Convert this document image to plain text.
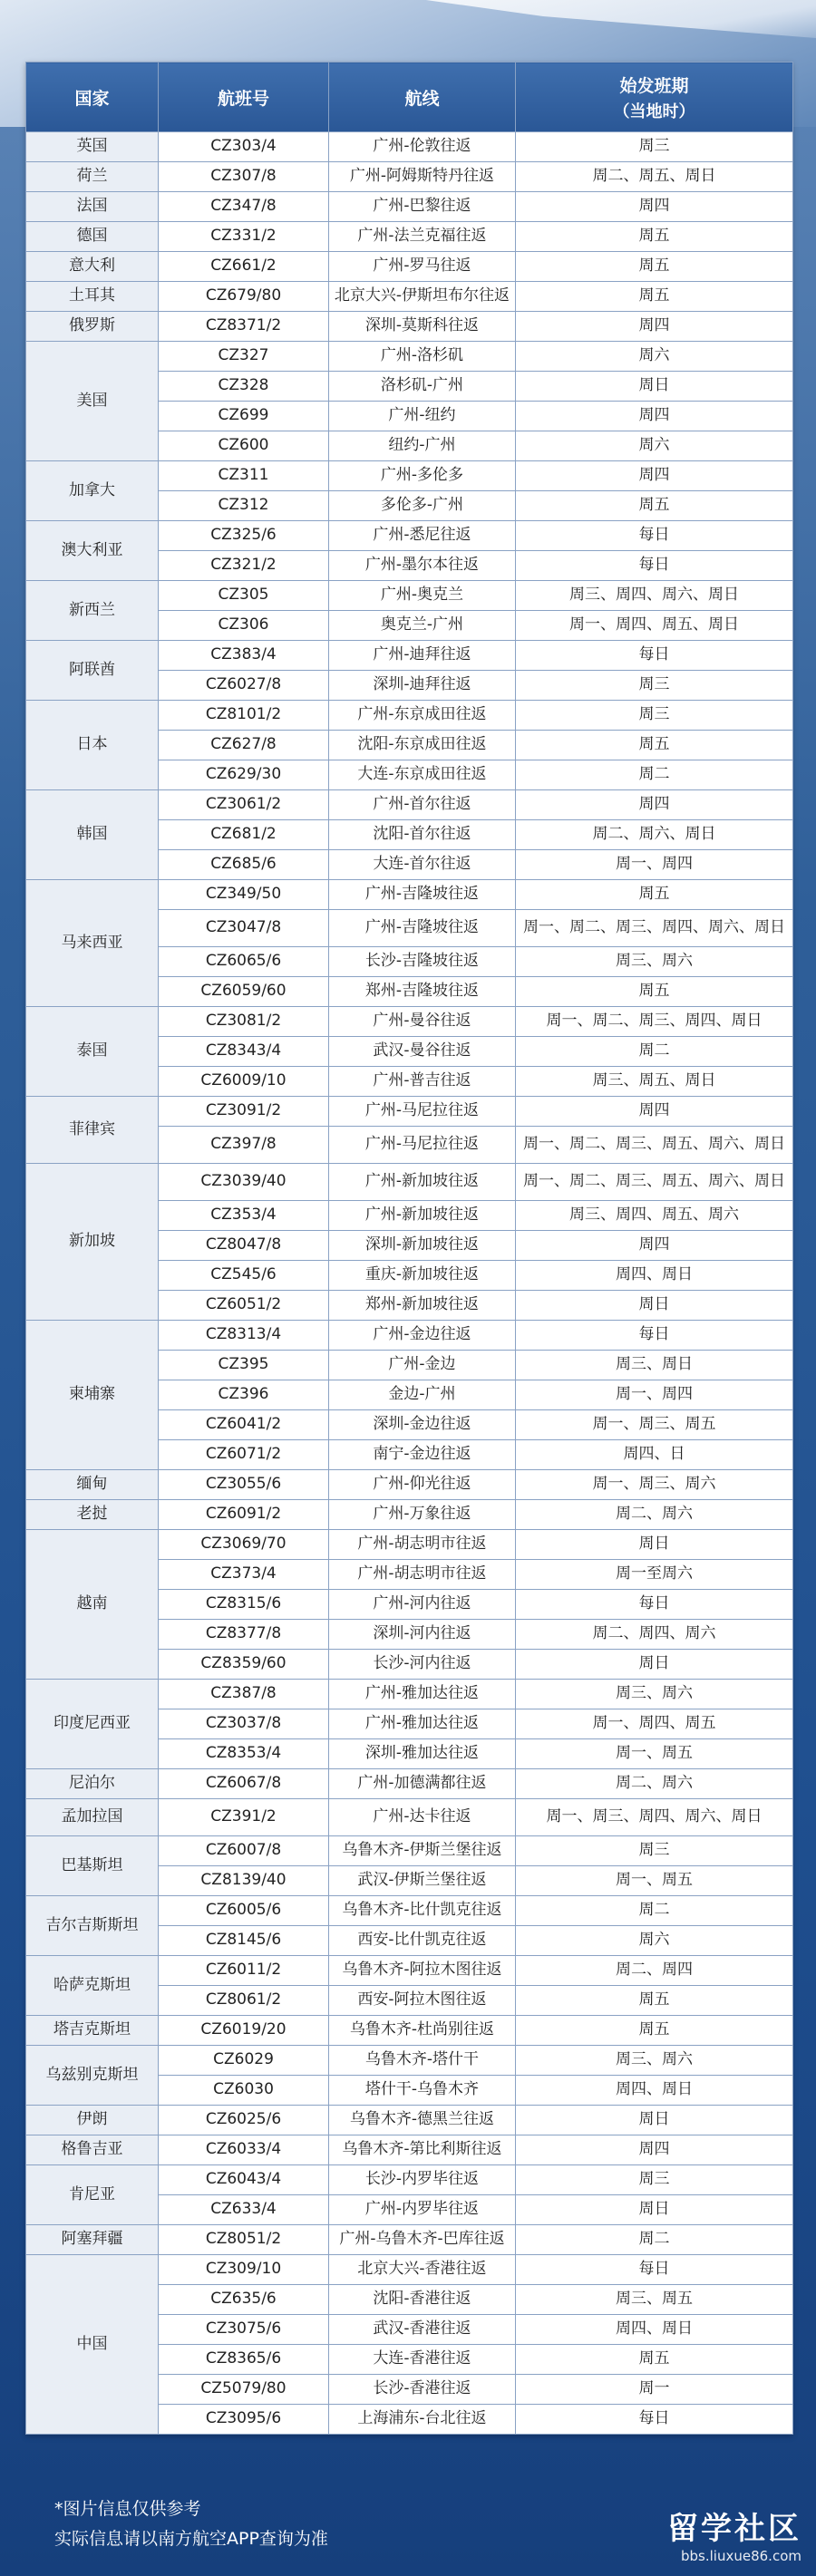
国家	航班号	航线	始发班期
（当地时）

英国	CZ303/4	广州-伦敦往返	周三
荷兰	CZ307/8	广州-阿姆斯特丹往返	周二、周五、周日
法国	CZ347/8	广州-巴黎往返	周四
德国	CZ331/2	广州-法兰克福往返	周五
意大利	CZ661/2	广州-罗马往返	周五
土耳其	CZ679/80	北京大兴-伊斯坦布尔往返	周五
俄罗斯	CZ8371/2	深圳-莫斯科往返	周四
美国	CZ327	广州-洛杉矶	周六
	CZ328	洛杉矶-广州	周日
	CZ699	广州-纽约	周四
	CZ600	纽约-广州	周六
加拿大	CZ311	广州-多伦多	周四
	CZ312	多伦多-广州	周五
澳大利亚	CZ325/6	广州-悉尼往返	每日
	CZ321/2	广州-墨尔本往返	每日
新西兰	CZ305	广州-奥克兰	周三、周四、周六、周日
	CZ306	奥克兰-广州	周一、周四、周五、周日
阿联酋	CZ383/4	广州-迪拜往返	每日
	CZ6027/8	深圳-迪拜往返	周三
日本	CZ8101/2	广州-东京成田往返	周三
	CZ627/8	沈阳-东京成田往返	周五
	CZ629/30	大连-东京成田往返	周二
韩国	CZ3061/2	广州-首尔往返	周四
	CZ681/2	沈阳-首尔往返	周二、周六、周日
	CZ685/6	大连-首尔往返	周一、周四
马来西亚	CZ349/50	广州-吉隆坡往返	周五
	CZ3047/8	广州-吉隆坡往返	周一、周二、周三、周四、周六、周日
	CZ6065/6	长沙-吉隆坡往返	周三、周六
	CZ6059/60	郑州-吉隆坡往返	周五
泰国	CZ3081/2	广州-曼谷往返	周一、周二、周三、周四、周日
	CZ8343/4	武汉-曼谷往返	周二
	CZ6009/10	广州-普吉往返	周三、周五、周日
菲律宾	CZ3091/2	广州-马尼拉往返	周四
	CZ397/8	广州-马尼拉往返	周一、周二、周三、周五、周六、周日
新加坡	CZ3039/40	广州-新加坡往返	周一、周二、周三、周五、周六、周日
	CZ353/4	广州-新加坡往返	周三、周四、周五、周六
	CZ8047/8	深圳-新加坡往返	周四
	CZ545/6	重庆-新加坡往返	周四、周日
	CZ6051/2	郑州-新加坡往返	周日
柬埔寨	CZ8313/4	广州-金边往返	每日
	CZ395	广州-金边	周三、周日
	CZ396	金边-广州	周一、周四
	CZ6041/2	深圳-金边往返	周一、周三、周五
	CZ6071/2	南宁-金边往返	周四、日
缅甸	CZ3055/6	广州-仰光往返	周一、周三、周六
老挝	CZ6091/2	广州-万象往返	周二、周六
越南	CZ3069/70	广州-胡志明市往返	周日
	CZ373/4	广州-胡志明市往返	周一至周六
	CZ8315/6	广州-河内往返	每日
	CZ8377/8	深圳-河内往返	周二、周四、周六
	CZ8359/60	长沙-河内往返	周日
印度尼西亚	CZ387/8	广州-雅加达往返	周三、周六
	CZ3037/8	广州-雅加达往返	周一、周四、周五
	CZ8353/4	深圳-雅加达往返	周一、周五
尼泊尔	CZ6067/8	广州-加德满都往返	周二、周六
孟加拉国	CZ391/2	广州-达卡往返	周一、周三、周四、周六、周日
巴基斯坦	CZ6007/8	乌鲁木齐-伊斯兰堡往返	周三
	CZ8139/40	武汉-伊斯兰堡往返	周一、周五
吉尔吉斯斯坦	CZ6005/6	乌鲁木齐-比什凯克往返	周二
	CZ8145/6	西安-比什凯克往返	周六
哈萨克斯坦	CZ6011/2	乌鲁木齐-阿拉木图往返	周二、周四
	CZ8061/2	西安-阿拉木图往返	周五
塔吉克斯坦	CZ6019/20	乌鲁木齐-杜尚别往返	周五
乌兹别克斯坦	CZ6029	乌鲁木齐-塔什干	周三、周六
	CZ6030	塔什干-乌鲁木齐	周四、周日
伊朗	CZ6025/6	乌鲁木齐-德黑兰往返	周日
格鲁吉亚	CZ6033/4	乌鲁木齐-第比利斯往返	周四
肯尼亚	CZ6043/4	长沙-内罗毕往返	周三
	CZ633/4	广州-内罗毕往返	周日
阿塞拜疆	CZ8051/2	广州-乌鲁木齐-巴库往返	周二
中国	CZ309/10	北京大兴-香港往返	每日
	CZ635/6	沈阳-香港往返	周三、周五
	CZ3075/6	武汉-香港往返	周四、周日
	CZ8365/6	大连-香港往返	周五
	CZ5079/80	长沙-香港往返	周一
	CZ3095/6	上海浦东-台北往返	每日
*图片信息仅供参考
实际信息请以南方航空APP查询为准	留学社区
bbs.liuxue86.com
